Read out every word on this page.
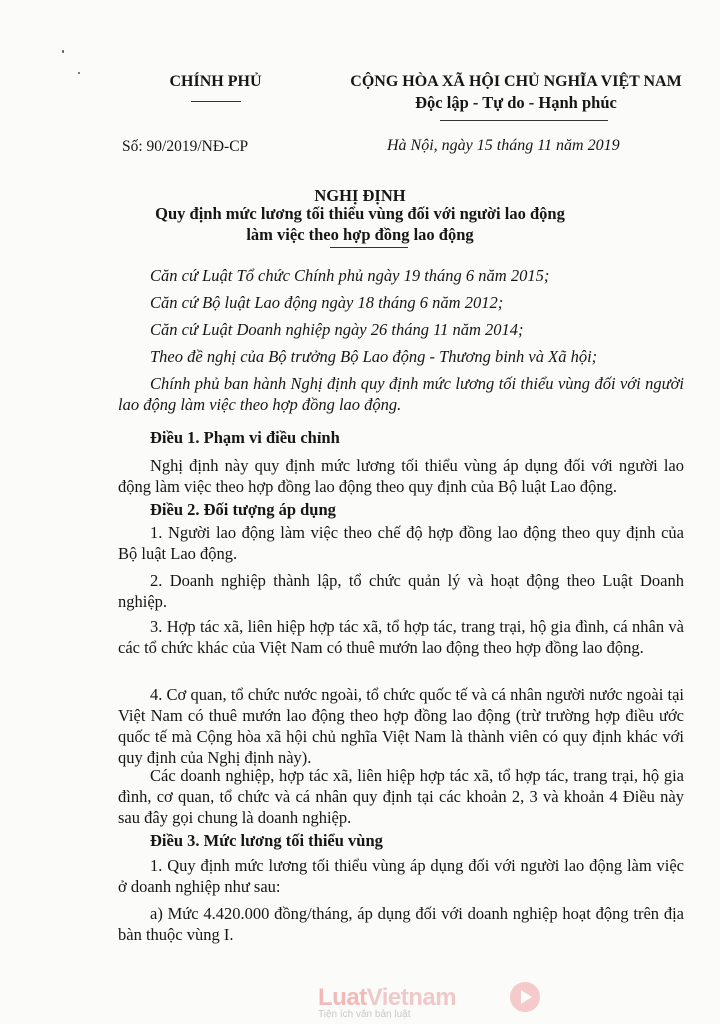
CHÍNH PHỦ	CỘNG HÒA XÃ HỘI CHỦ NGHĨA VIỆT NAM
Độc lập - Tự do - Hạnh phúc
Số: 90/2019/NĐ-CP	Hà Nội, ngày 15 tháng 11 năm 2019
NGHỊ ĐỊNH
Quy định mức lương tối thiểu vùng đối với người lao động làm việc theo hợp đồng lao động
Căn cứ Luật Tổ chức Chính phủ ngày 19 tháng 6 năm 2015;
Căn cứ Bộ luật Lao động ngày 18 tháng 6 năm 2012;
Căn cứ Luật Doanh nghiệp ngày 26 tháng 11 năm 2014;
Theo đề nghị của Bộ trưởng Bộ Lao động - Thương binh và Xã hội;
Chính phủ ban hành Nghị định quy định mức lương tối thiểu vùng đối với người lao động làm việc theo hợp đồng lao động.
Điều 1. Phạm vi điều chỉnh
Nghị định này quy định mức lương tối thiểu vùng áp dụng đối với người lao động làm việc theo hợp đồng lao động theo quy định của Bộ luật Lao động.
Điều 2. Đối tượng áp dụng
1. Người lao động làm việc theo chế độ hợp đồng lao động theo quy định của Bộ luật Lao động.
2. Doanh nghiệp thành lập, tổ chức quản lý và hoạt động theo Luật Doanh nghiệp.
3. Hợp tác xã, liên hiệp hợp tác xã, tổ hợp tác, trang trại, hộ gia đình, cá nhân và các tổ chức khác của Việt Nam có thuê mướn lao động theo hợp đồng lao động.
4. Cơ quan, tổ chức nước ngoài, tổ chức quốc tế và cá nhân người nước ngoài tại Việt Nam có thuê mướn lao động theo hợp đồng lao động (trừ trường hợp điều ước quốc tế mà Cộng hòa xã hội chủ nghĩa Việt Nam là thành viên có quy định khác với quy định của Nghị định này).
Các doanh nghiệp, hợp tác xã, liên hiệp hợp tác xã, tổ hợp tác, trang trại, hộ gia đình, cơ quan, tổ chức và cá nhân quy định tại các khoản 2, 3 và khoản 4 Điều này sau đây gọi chung là doanh nghiệp.
Điều 3. Mức lương tối thiểu vùng
1. Quy định mức lương tối thiểu vùng áp dụng đối với người lao động làm việc ở doanh nghiệp như sau:
a) Mức 4.420.000 đồng/tháng, áp dụng đối với doanh nghiệp hoạt động trên địa bàn thuộc vùng I.
LuatVietnam
Tiện ích văn bản luật
